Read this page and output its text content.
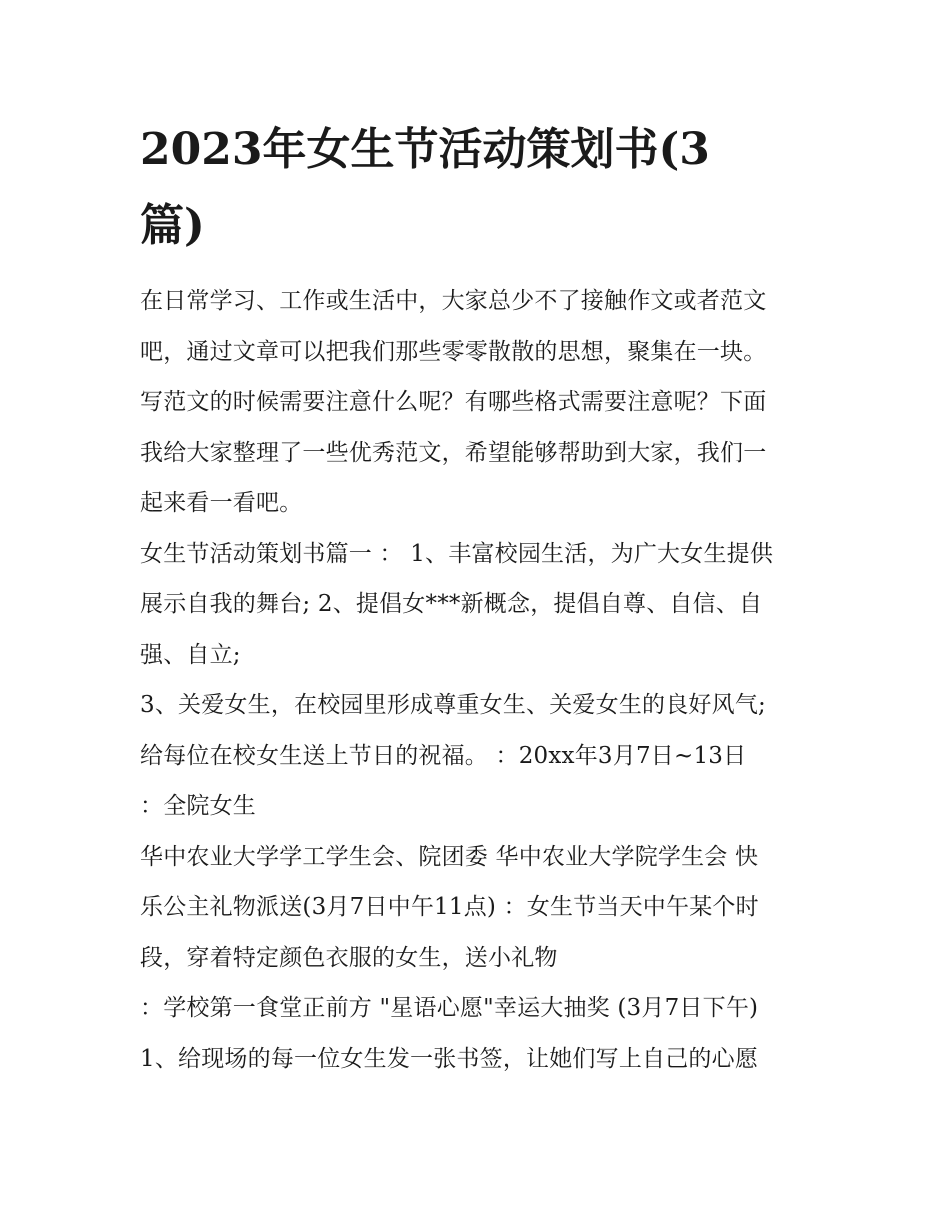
2023年女生节活动策划书(3
篇)

在日常学习、工作或生活中，大家总少不了接触作文或者范文

吧，通过文章可以把我们那些零零散散的思想，聚集在一块。

写范文的时候需要注意什么呢？有哪些格式需要注意呢？下面

我给大家整理了一些优秀范文，希望能够帮助到大家，我们一

起来看一看吧。

女生节活动策划书篇一 ： 1、丰富校园生活，为广大女生提供

展示自我的舞台; 2、提倡女***新概念，提倡自尊、自信、自

强、自立;

3、关爱女生，在校园里形成尊重女生、关爱女生的良好风气;

给每位在校女生送上节日的祝福。 ：20xx年3月7日~13日

：全院女生

华中农业大学学工学生会、院团委 华中农业大学院学生会 快

乐公主礼物派送(3月7日中午11点) ：女生节当天中午某个时

段，穿着特定颜色衣服的女生，送小礼物

：学校第一食堂正前方 "星语心愿"幸运大抽奖 (3月7日下午)

1、给现场的每一位女生发一张书签，让她们写上自己的心愿
